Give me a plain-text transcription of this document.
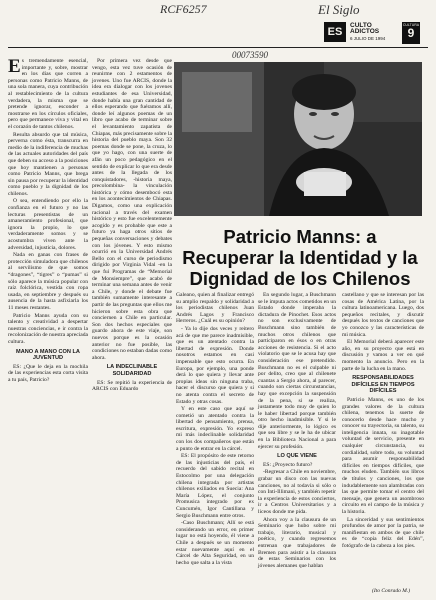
RCF6257	El Siglo
00073590
ES
CULTO
ADICTOS
6 JULIO DE 1994
CULTURA
9
Patricio Manns: a Recuperar la Identidad y la Dignidad de los Chilenos

Es tremendamente esencial, importante y, sobre, mostrar en los días que corren a personas como Patricio Manns, de una sola manera, cuya contribución al restablecimiento de la cultura verdadera, la misma que se pretende ignorar, esconder a mostrarse en los círculos oficiales, pero que permanece viva y vital en el corazón de tantos chilenos.

Resulta absurdo que tal música, perverna como ésta, transcurra en medio de la indiferencia de muchas de las actuales autoridades del país que deben su acceso a la posiciones que hoy mantienen a personas como Patricio Manns, que brega sin pausa por recuperar la identidad como pueblo y la dignidad de los chilenos.

O sea, entendiendo por ello la confianza en el futuro y no las lecturas presentistas de un amaneramiento profesional, que ignora la propio, lo que verdaderamente somos y se acostumbra viven ante la adversidad, injusticia, dolores.

Nada en ganas con frases de protección simuladora que chilenos al servilismo de que somos “dragones”, “tigres” o “pumas” si sólo aparece la música popular con raíz folclórica, vestida con ropa usada, en septiembre y después su ausencia de la hasta asfixiarla los 11 meses restantes.

Patricio Manns ayuda con su talento y creatividad a despertar nuestras conciencias, e ir contra la recolonización de nuestra apreciada cultura.

MANO A MANO CON LA JUVENTUD

ES: ¿Que le deja en la mochila de las experiencias esta corta visita a tu país, Patricio?

Por primera vez desde que vengo, esta vez tuve ocasión de reunirme con 2 estamentos de jovenes. Uno fue ARCIS, donde la idea era dialogar con los jovenes estudiantes de esa Universidad, donde había una gran cantidad de ellos esperando que fuéramos allí, donde leí algunos poemas de un libro que acabo de terminar sobre el levantamiento zapatista de Chiapas, más precisamente sobre la historia del pueblo maya. Son 32 poemas donde se pone, la cruza, lo que yo hago, con una suerte de afán un poco pedagógico en el sentido de explicar lo que era desde antes de la llegada de los conquistadores, -historia maya, precolombina- la vinculación histórica y cómo desembocó esta en los acontecimientos de Chiapas. Digamos, como una explicación racional a través del examen histórico y esto fue excelentemente acogido y es probable que este a futuro ya haga otros sitios de pequeñas conversaciones y debates con los jóvenes. Y esto mismo ocurrió en la Universidad Andrés Bello con el curso de periodismo dirigido por Virginia Vidal -en la que fui Programas de “Memorial de Monsiempre”, que acabó de terminar una semana antes de venir a Chile, y donde el debate fue también sumamente interesante a partir de las preguntas que ellos me hicieron sobre esta obra que conciernen a Chile en particular. Son dos hechos especiales que guardo ahora de este viaje, son nuevos porque es la ocasión anterior no fue posible, las condiciones no estaban dadas como ahora.

LA INDECLINABLE SOLIDARIDAD

ES: Se repitió la experiencia de ARCIS con Eduardo

Galeano, quien al finalizar entregó su amplio respaldo y solidaridad a los periodistas chilenos Juan Andrés Lagos y Francisco Herreros. ¿Cuál es su opinión?

- Ya lo dije dos veces y reitero acá de que me parece inadmisible, que es un atentado contra la libertad de expresión. Donde nosotros estamos en casi impensable que esto ocurra. En Europa, por ejemplo, una ponde derá lo que quiera y llevar ante propias ideas sin ninguna traba, hacer el discurso que quiera y si no atenta contra el secreto de Estado y otras cosas.

Y en este caso que aquí se cometió un atentado contra la libertad de pensamiento, prensa, escritura, expresión. Yo expreso mi más indeclinable solidaridad con los dos compañeros que están a punto de entrar en la cárcel.

ES: El propósito de este retorno de las injusticias del país, el recuerdo del sabido recital en Estocolmo por una delegación chilena integrada por artistas chilenos exiliados en Suecia: Ana María López, el conjunto Promusica integrado por ex Cuncumén, Igor Cantillana y Sergio Buschmann entre otros.

-Caso Buschmann; Allí se está considerando un error, en primer lugar no está hoyendo, él viene a Chile a después se un momento estar nuevamente aquí en el Cárcel de Alta Seguridad, en un hecho que salta a la vista

En segundo lugar, a Buschmann se le imputa actos cometidos en un Estado donde imperaba la dictadura de Pinochet. Esos actos no son exclusivamente de Buschmann sino también de muchos otros chilenos que participaron en ésos o en otras acciones de resistencia. Si el acto violatorio que se le acusa hay que consideración ese pretendido. Buschmann no es el culpable ni por delito, creo que al chilenete cuantas a Sergio ahora, al parecer, cuando son ciertas circunstancias, hay que excepción la suspensión de la pena, si se realiza, justamente todo muy de quien lo le haber libertad porque también otro hecho inadmisible. Y si le dije anteriormente, lo lógico es que sea libre y se le ha de ubicar en la Biblioteca Nacional a para ejercer su profesión.

LO QUE VIENE

ES: ¿Proyecto futuro?

-Regresar a Chile en noviembre, grabar un disco con las nuevas canciones, no al todavía si sólo o con Inti-Illimani, y también repetir la experiencia de estos conciertos, ir a Centros Universitarios y a liceos donde me pida.

Ahora voy a la clausura de un Seminario que hubo sobre mi trabajo, literario, musical y poético, y cuando regresemos entrenan que trabajadores de Bremen para asistir a la clausura de estas Seminarios con los jóvenes alemanes que hablan

castellano y que se interesan por las cosas de América Latina, por la cultura latinoamericana. Luego, dos pequeños recitales, y discutir después los textos de canciones que yo conozco y las características de mi música.

El Memorial deberá aparecer este año, en su proyecto que está en discusión y vamos a ver en qué momento la anuncio. Pero en la parte de la lucha en la mano.

RESPONSABILIDADES DIFÍCILES EN TIEMPOS DIFÍCILES

Patricio Manns, es uno de los grandes valores de la cultura chilena, tenemos la suerte de conocerlo desde hace mucho y conocer su trayectoria, su talento, su inteligencia innata, su inagotable voluntad de servicio, presente en cualquier circunstancia, su cordialidad, sobre todo, su voluntad para asumir responsabilidad difíciles en tiempos difíciles, que muchos eluden. También sus libros de títulos y canciones, los que indudablemente son alambradas con las que permite tomar el centro del mensaje, que genera un asombroso circuito en el campo de la música y la historia.

La sinceridad y sus sentimientos profundos de amor por la patria, se manifiestan en ambos de que chile es de “copia feliz del Edén”, fotógrafo de la cabeza a los pies.

(Ito Conrado M.)
